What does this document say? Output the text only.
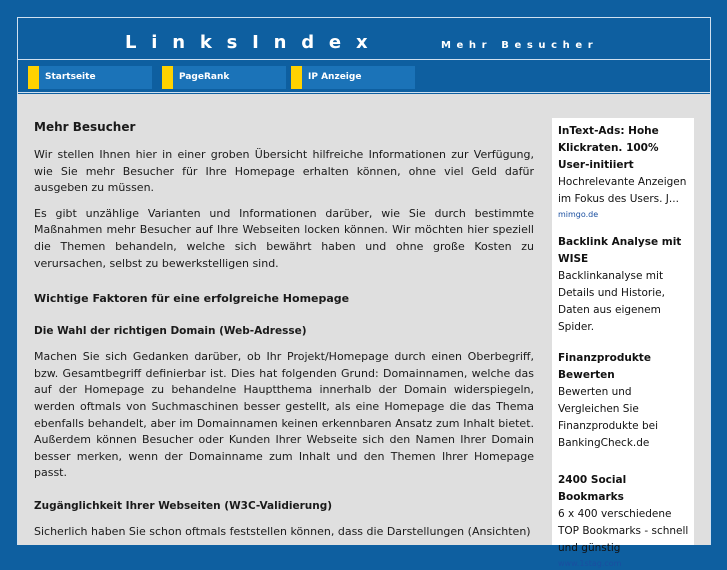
LinksIndex	Mehr Besucher
Startseite	PageRank	IP Anzeige
Mehr Besucher

Wir stellen Ihnen hier in einer groben Übersicht hilfreiche Informationen zur Verfügung, wie Sie mehr Besucher für Ihre Homepage erhalten können, ohne viel Geld dafür ausgeben zu müssen.

Es gibt unzählige Varianten und Informationen darüber, wie Sie durch bestimmte Maßnahmen mehr Besucher auf Ihre Webseiten locken können. Wir möchten hier speziell die Themen behandeln, welche sich bewährt haben und ohne große Kosten zu verursachen, selbst zu bewerkstelligen sind.

Wichtige Faktoren für eine erfolgreiche Homepage
Die Wahl der richtigen Domain (Web-Adresse)

Machen Sie sich Gedanken darüber, ob Ihr Projekt/Homepage durch einen Oberbegriff, bzw. Gesamtbegriff definierbar ist. Dies hat folgenden Grund: Domainnamen, welche das auf der Homepage zu behandelne Hauptthema innerhalb der Domain widerspiegeln, werden oftmals von Suchmaschinen besser gestellt, als eine Homepage die das Thema ebenfalls behandelt, aber im Domainnamen keinen erkennbaren Ansatz zum Inhalt bietet. Außerdem können Besucher oder Kunden Ihrer Webseite sich den Namen Ihrer Domain besser merken, wenn der Domainname zum Inhalt und den Themen Ihrer Homepage passt.

Zugänglichkeit Ihrer Webseiten (W3C-Validierung)

Sicherlich haben Sie schon oftmals feststellen können, dass die Darstellungen (Ansichten)

InText-Ads: Hohe Klickraten. 100% User-initiiert
Hochrelevante Anzeigen im Fokus des Users. J...
mimgo.de
Backlink Analyse mit WISE
Backlinkanalyse mit Details und Historie, Daten aus eigenem Spider.
Finanzprodukte Bewerten
Bewerten und Vergleichen Sie Finanzprodukte bei BankingCheck.de
2400 Social Bookmarks
6 x 400 verschiedene TOP Bookmarks - schnell und günstig
www.1stag.com
